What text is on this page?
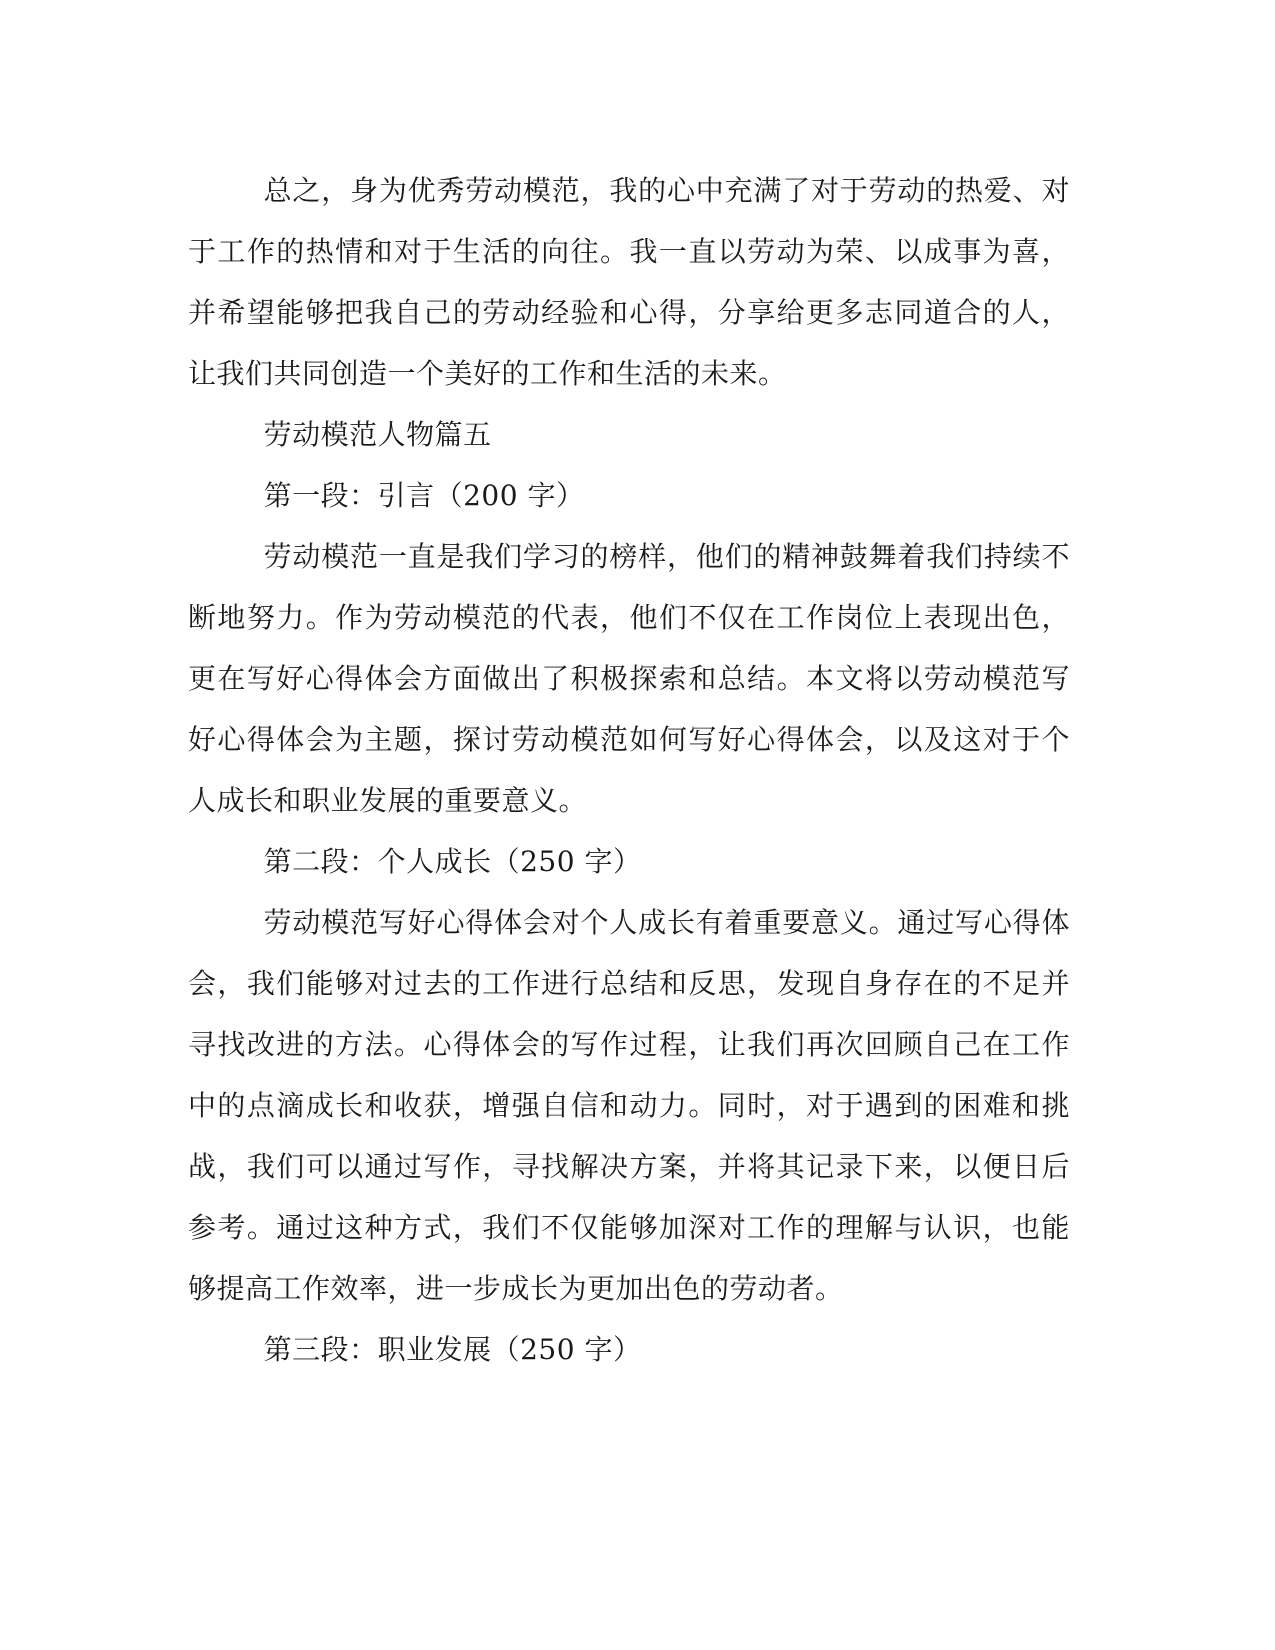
总之，身为优秀劳动模范，我的心中充满了对于劳动的热爱、对于工作的热情和对于生活的向往。我一直以劳动为荣、以成事为喜，并希望能够把我自己的劳动经验和心得，分享给更多志同道合的人，让我们共同创造一个美好的工作和生活的未来。

劳动模范人物篇五

第一段：引言（200 字）

劳动模范一直是我们学习的榜样，他们的精神鼓舞着我们持续不断地努力。作为劳动模范的代表，他们不仅在工作岗位上表现出色，更在写好心得体会方面做出了积极探索和总结。本文将以劳动模范写好心得体会为主题，探讨劳动模范如何写好心得体会，以及这对于个人成长和职业发展的重要意义。

第二段：个人成长（250 字）

劳动模范写好心得体会对个人成长有着重要意义。通过写心得体会，我们能够对过去的工作进行总结和反思，发现自身存在的不足并寻找改进的方法。心得体会的写作过程，让我们再次回顾自己在工作中的点滴成长和收获，增强自信和动力。同时，对于遇到的困难和挑战，我们可以通过写作，寻找解决方案，并将其记录下来，以便日后参考。通过这种方式，我们不仅能够加深对工作的理解与认识，也能够提高工作效率，进一步成长为更加出色的劳动者。

第三段：职业发展（250 字）
